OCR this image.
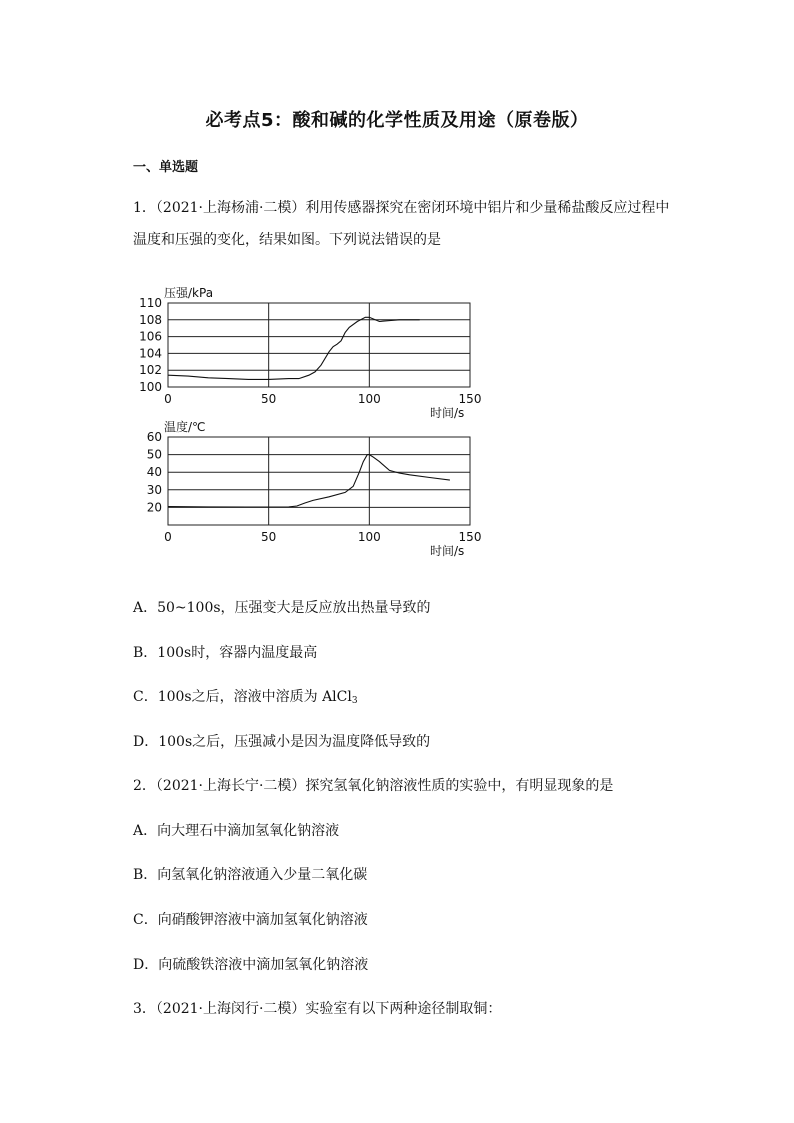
必考点5：酸和碱的化学性质及用途（原卷版）
一、单选题
1．（2021·上海杨浦·二模）利用传感器探究在密闭环境中铝片和少量稀盐酸反应过程中
温度和压强的变化，结果如图。下列说法错误的是
100
102
104
106
108
110
0	50	100	150
压强/kPa
时间/s
20
30
40
50
60
0	50	100	150
温度/℃
时间/s
A．50~100s，压强变大是反应放出热量导致的
B．100s时，容器内温度最高
C．100s之后，溶液中溶质为 AlCl$_3$
D．100s之后，压强减小是因为温度降低导致的
2．（2021·上海长宁·二模）探究氢氧化钠溶液性质的实验中，有明显现象的是
A．向大理石中滴加氢氧化钠溶液
B．向氢氧化钠溶液通入少量二氧化碳
C．向硝酸钾溶液中滴加氢氧化钠溶液
D．向硫酸铁溶液中滴加氢氧化钠溶液
3．（2021·上海闵行·二模）实验室有以下两种途径制取铜：
